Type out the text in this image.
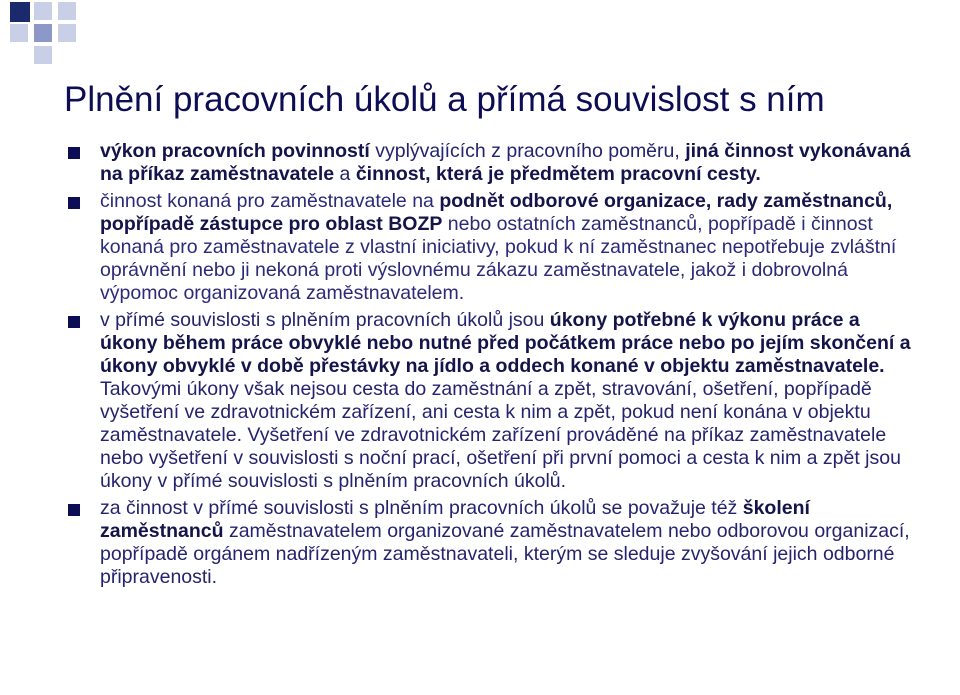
Plnění pracovních úkolů a přímá souvislost s ním
výkon pracovních povinností vyplývajících z pracovního poměru, jiná činnost vykonávaná na příkaz zaměstnavatele a činnost, která je předmětem pracovní cesty.
činnost konaná pro zaměstnavatele na podnět odborové organizace, rady zaměstnanců, popřípadě zástupce pro oblast BOZP nebo ostatních zaměstnanců, popřípadě i činnost konaná pro zaměstnavatele z vlastní iniciativy, pokud k ní zaměstnanec nepotřebuje zvláštní oprávnění nebo ji nekoná proti výslovnému zákazu zaměstnavatele, jakož i dobrovolná výpomoc organizovaná zaměstnavatelem.
v přímé souvislosti s plněním pracovních úkolů jsou úkony potřebné k výkonu práce a úkony během práce obvyklé nebo nutné před počátkem práce nebo po jejím skončení a úkony obvyklé v době přestávky na jídlo a oddech konané v objektu zaměstnavatele. Takovými úkony však nejsou cesta do zaměstnání a zpět, stravování, ošetření, popřípadě vyšetření ve zdravotnickém zařízení, ani cesta k nim a zpět, pokud není konána v objektu zaměstnavatele. Vyšetření ve zdravotnickém zařízení prováděné na příkaz zaměstnavatele nebo vyšetření v souvislosti s noční prací, ošetření při první pomoci a cesta k nim a zpět jsou úkony v přímé souvislosti s plněním pracovních úkolů.
za činnost v přímé souvislosti s plněním pracovních úkolů se považuje též školení zaměstnanců zaměstnavatelem organizované zaměstnavatelem nebo odborovou organizací, popřípadě orgánem nadřízeným zaměstnavateli, kterým se sleduje zvyšování jejich odborné připravenosti.
